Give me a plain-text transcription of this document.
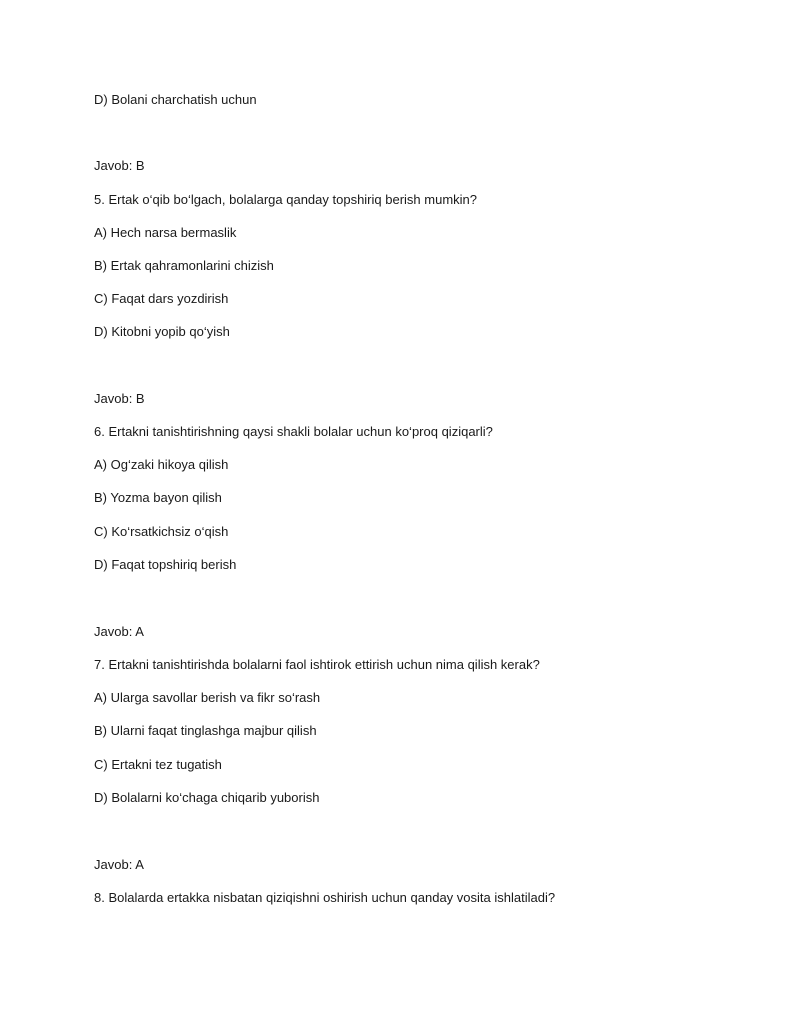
D) Bolani charchatish uchun
Javob: B
5. Ertak o‘qib bo‘lgach, bolalarga qanday topshiriq berish mumkin?
A) Hech narsa bermaslik
B) Ertak qahramonlarini chizish
C) Faqat dars yozdirish
D) Kitobni yopib qo‘yish
Javob: B
6. Ertakni tanishtirishning qaysi shakli bolalar uchun ko‘proq qiziqarli?
A) Og‘zaki hikoya qilish
B) Yozma bayon qilish
C) Ko‘rsatkichsiz o‘qish
D) Faqat topshiriq berish
Javob: A
7. Ertakni tanishtirishda bolalarni faol ishtirok ettirish uchun nima qilish kerak?
A) Ularga savollar berish va fikr so‘rash
B) Ularni faqat tinglashga majbur qilish
C) Ertakni tez tugatish
D) Bolalarni ko‘chaga chiqarib yuborish
Javob: A
8. Bolalarda ertakka nisbatan qiziqishni oshirish uchun qanday vosita ishlatiladi?
